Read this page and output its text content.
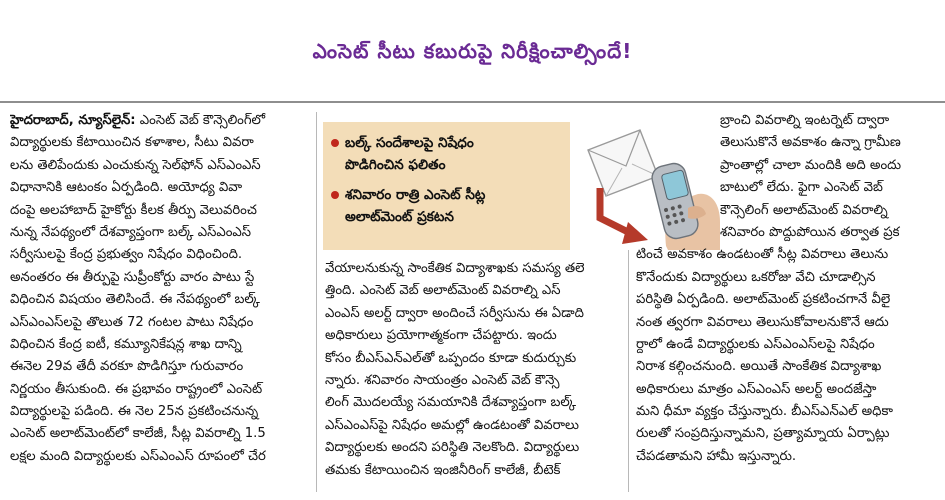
ఎంసెట్ సీటు కబురుపై నిరీక్షించాల్సిందే!
హైదరాబాద్, న్యూస్‌లైన్: ఎంసెట్ వెబ్ కౌన్సెలింగ్‌లో
విద్యార్థులకు కేటాయించిన కళాశాల, సీటు వివరా
లను తెలిపేందుకు ఎంచుకున్న సెల్‌ఫోన్ ఎస్ఎంఎస్
విధానానికి ఆటంకం ఏర్పడింది. అయోధ్య వివా
దంపై అలహాబాద్ హైకోర్టు కీలక తీర్పు వెలువరించ
నున్న నేపథ్యంలో దేశవ్యాప్తంగా బల్క్ ఎస్ఎంఎస్
సర్వీసులపై కేంద్ర ప్రభుత్వం నిషేధం విధించింది.
అనంతరం ఈ తీర్పుపై సుప్రీంకోర్టు వారం పాటు స్టే
విధించిన విషయం తెలిసిందే. ఈ నేపథ్యంలో బల్క్
ఎస్ఎంఎస్‌లపై తొలుత 72 గంటల పాటు నిషేధం
విధించిన కేంద్ర ఐటీ, కమ్యూనికేషన్ల శాఖ దాన్ని
ఈనెల 29వ తేదీ వరకూ పొడిగిస్తూ గురువారం
నిర్ణయం తీసుకుంది. ఈ ప్రభావం రాష్ట్రంలో ఎంసెట్
విద్యార్థులపై పడింది. ఈ నెల 25న ప్రకటించనున్న
ఎంసెట్ అలాట్‌మెంట్‌లో కాలేజీ, సీట్ల వివరాల్ని 1.5
లక్షల మంది విద్యార్థులకు ఎస్ఎంఎస్ రూపంలో చేర
బల్క్ సందేశాలపై నిషేధం
పొడిగించిన ఫలితం
శనివారం రాత్రి ఎంసెట్ సీట్ల
అలాట్‌మెంట్ ప్రకటన
వేయాలనుకున్న సాంకేతిక విద్యాశాఖకు సమస్య తలె
త్తింది. ఎంసెట్ వెబ్ అలాట్‌మెంట్ వివరాల్ని ఎస్
ఎంఎస్ అలర్ట్ ద్వారా అందించే సర్వీసును ఈ ఏడాది
అధికారులు ప్రయోగాత్మకంగా చేపట్టారు. ఇందు
కోసం బీఎస్ఎన్‌ఎల్‌తో ఒప్పందం కూడా కుదుర్చుకు
న్నారు. శనివారం సాయంత్రం ఎంసెట్ వెబ్ కౌన్సె
లింగ్ మొదలయ్యే సమయానికి దేశవ్యాప్తంగా బల్క్
ఎస్ఎంఎస్‌పై నిషేధం అమల్లో ఉండటంతో వివరాలు
విద్యార్థులకు అందని పరిస్థితి నెలకొంది. విద్యార్థులు
తమకు కేటాయించిన ఇంజినీరింగ్ కాలేజీ, బీటెక్
బ్రాంచి వివరాల్ని ఇంటర్నెట్ ద్వారా
తెలుసుకొనే అవకాశం ఉన్నా గ్రామీణ
ప్రాంతాల్లో చాలా మందికి అది అందు
బాటులో లేదు. ఫైగా ఎంసెట్ వెబ్
కౌన్సెలింగ్ అలాట్‌మెంట్ వివరాల్ని
శనివారం పొద్దుపోయిన తర్వాత ప్రక
టించే అవకాశం ఉండటంతో సీట్ల వివరాలు తెలును
కొనేందుకు విద్యార్థులు ఒకరోజు వేచి చూడాల్సిన
పరిస్థితి ఏర్పడింది. అలాట్‌మెంట్ ప్రకటించగానే వీలై
నంత త్వరగా వివరాలు తెలుసుకోవాలనుకొనే ఆదు
ర్దాలో ఉండే విద్యార్థులకు ఎస్ఎంఎస్‌లపై నిషేధం
నిరాశ కల్గించనుంది. అయితే సాంకేతిక విద్యాశాఖ
అధికారులు మాత్రం ఎస్ఎంఎస్ అలర్ట్ అందజేస్తా
మని ధీమా వ్యక్తం చేస్తున్నారు. బీఎస్ఎన్ఎల్ అధికా
రులతో సంప్రదిస్తున్నామని, ప్రత్యామ్నాయ ఏర్పాట్లు
చేపడతామని హామీ ఇస్తున్నారు.
